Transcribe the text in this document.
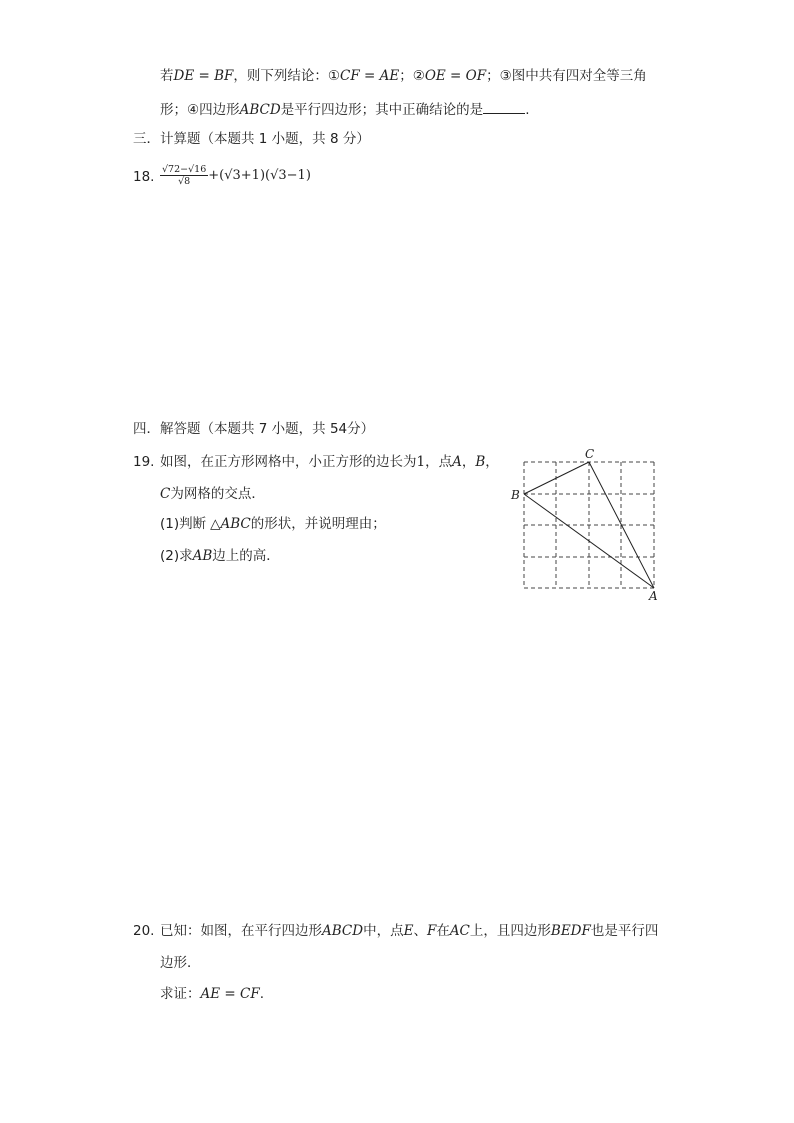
若DE = BF，则下列结论：①CF = AE；②OE = OF；③图中共有四对全等三角
形；④四边形ABCD是平行四边形；其中正确结论的是	.
三．计算题（本题共 1 小题，共 8 分）
18. $\frac{√72-√16}{√8} +(√3+1)(√3-1)$
四．解答题（本题共 7 小题，共 54分）
19. 如图，在正方形网格中，小正方形的边长为1，点A，B，
C为网格的交点．
(1)判断 △ABC的形状，并说明理由；
(2)求AB边上的高．
C
B
A
20. 已知：如图，在平行四边形ABCD中，点E、F在AC上，且四边形BEDF也是平行四
边形．
求证：AE = CF.
